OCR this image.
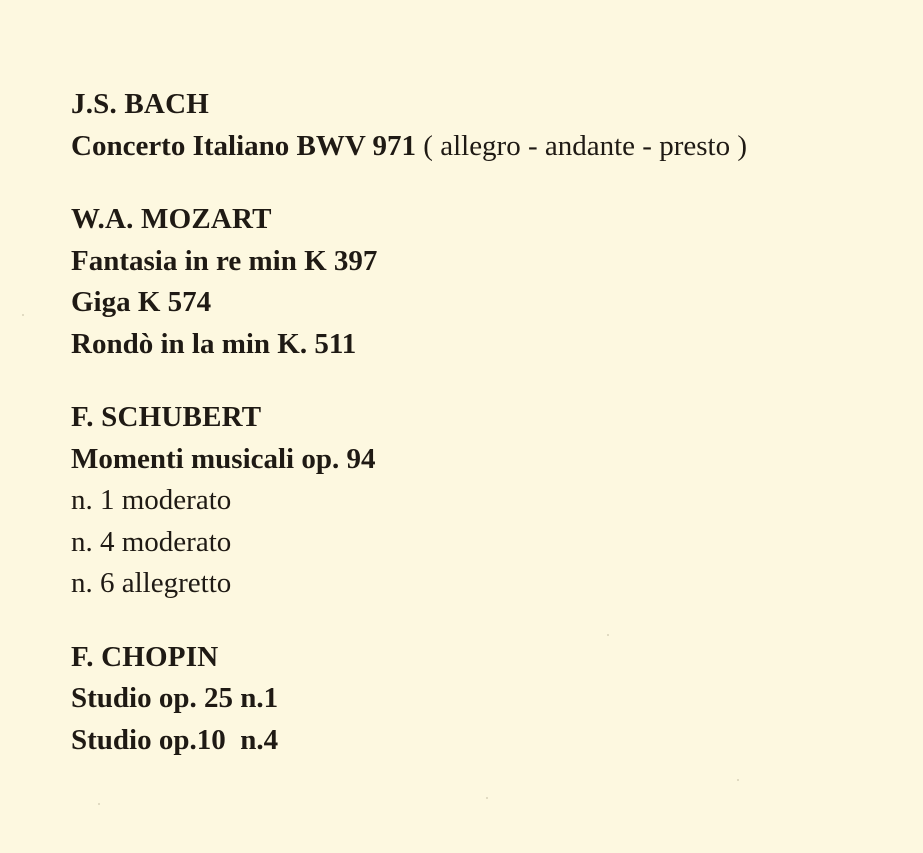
J.S. BACH
Concerto Italiano BWV 971 ( allegro - andante - presto )
W.A. MOZART
Fantasia in re min K 397
Giga K 574
Rondò in la min K. 511
F. SCHUBERT
Momenti musicali op. 94
n. 1 moderato
n. 4 moderato
n. 6 allegretto
F. CHOPIN
Studio op. 25 n.1
Studio op.10  n.4
